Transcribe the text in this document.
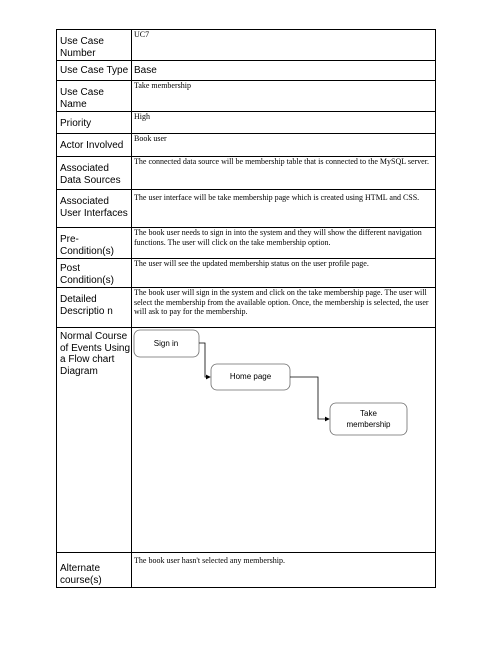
Use Case Number	UC7

Use Case Type	Base

Use Case Name	Take membership

Priority	High

Actor Involved	Book user

Associated Data Sources	The connected data source will be membership table that is connected to the MySQL server.

Associated User Interfaces	The user interface will be take membership page which is created using HTML and CSS.

Pre-Condition(s)	The book user needs to sign in into the system and they will show the different navigation functions. The user will click on the take membership option.

Post Condition(s)	The user will see the updated membership status on the user profile page.

Detailed Descriptio n	The book user will sign in the system and click on the take membership page. The user will select the membership from the available option. Once, the membership is selected, the user will ask to pay for the membership.

Normal Course of Events Using a Flow chart Diagram	Sign in
Home page
Take membership

Alternate course(s)	The book user hasn't selected any membership.
